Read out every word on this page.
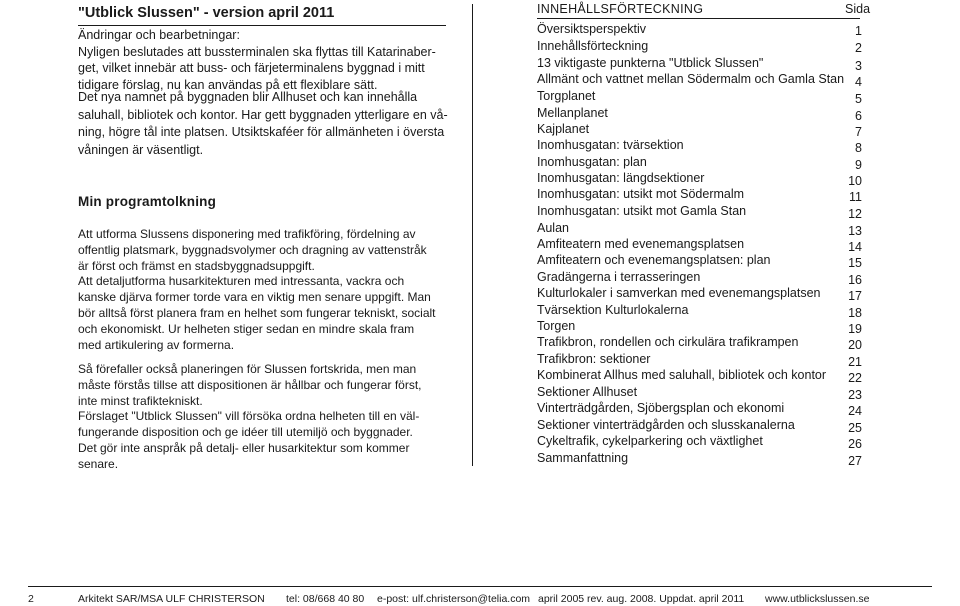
"Utblick Slussen" - version april 2011

Ändringar och bearbetningar:

Nyligen beslutades att bussterminalen ska flyttas till Katarinaber-

get, vilket innebär att buss- och färjeterminalens byggnad i mitt

tidigare förslag, nu kan användas på ett flexiblare sätt.

Det nya namnet på byggnaden blir Allhuset och kan innehålla

saluhall, bibliotek och kontor. Har gett byggnaden ytterligare en vå-

ning, högre tål inte platsen. Utsiktskaféer för allmänheten i översta

våningen är väsentligt.

Min programtolkning

Att utforma Slussens disponering med trafikföring, fördelning av

offentlig platsmark, byggnadsvolymer och dragning av vattenstråk

är först och främst en stadsbyggnadsuppgift.

Att detaljutforma husarkitekturen med intressanta, vackra och

kanske djärva former torde vara en viktig men senare uppgift. Man

bör alltså först planera fram en helhet som fungerar tekniskt, socialt

och ekonomiskt. Ur helheten stiger sedan en mindre skala fram

med artikulering av formerna.

Så förefaller också planeringen för Slussen fortskrida, men man

måste förstås tillse att dispositionen är hållbar och fungerar först,

inte minst trafiktekniskt.

Förslaget "Utblick Slussen" vill försöka ordna helheten till en väl-

fungerande disposition och ge idéer till utemiljö och byggnader.

Det gör inte anspråk på detalj- eller husarkitektur som kommer

senare.

INNEHÅLLSFÖRTECKNING	Sida
Översiktsperspektiv	1
Innehållsförteckning	2
13 viktigaste punkterna "Utblick Slussen"	3
Allmänt och vattnet mellan Södermalm och Gamla Stan 4
Torgplanet	5
Mellanplanet	6
Kajplanet	7
Inomhusgatan: tvärsektion	8
Inomhusgatan: plan	9
Inomhusgatan: längdsektioner	10
Inomhusgatan: utsikt mot Södermalm	11
Inomhusgatan: utsikt mot Gamla Stan	12
Aulan	13
Amfiteatern med evenemangsplatsen	14
Amfiteatern och evenemangsplatsen: plan	15
Gradängerna i terrasseringen	16
Kulturlokaler i samverkan med evenemangsplatsen	17
Tvärsektion Kulturlokalerna	18
Torgen	19
Trafikbron, rondellen och cirkulära trafikrampen	20
Trafikbron: sektioner	21
Kombinerat Allhus med saluhall, bibliotek och kontor	22
Sektioner Allhuset	23
Vinterträdgården, Sjöbergsplan och ekonomi	24
Sektioner vinterträdgården och slusskanalerna	25
Cykeltrafik, cykelparkering och växtlighet	26
Sammanfattning	27
2	Arkitekt SAR/MSA ULF CHRISTERSON tel: 08/668 40 80 e-post: ulf.christerson@telia.com april 2005 rev. aug. 2008. Uppdat. april 2011 www.utblickslussen.se
